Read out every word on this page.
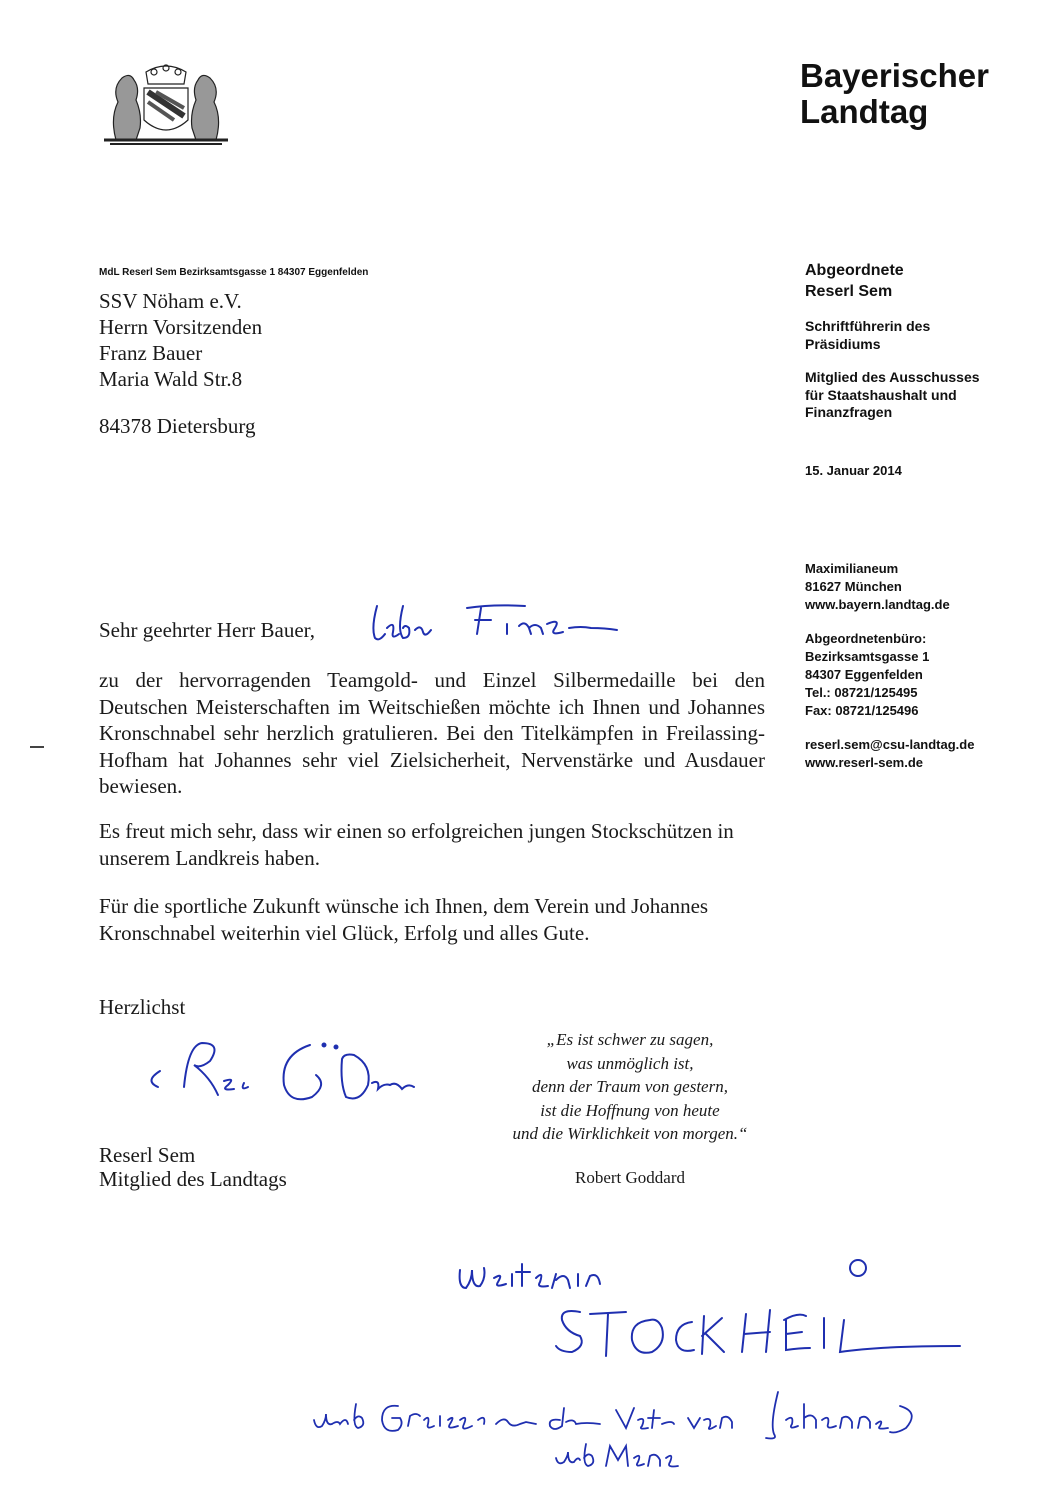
Bayerischer
Landtag
MdL Reserl Sem Bezirksamtsgasse 1 84307 Eggenfelden
SSV Nöham e.V.
Herrn Vorsitzenden
Franz Bauer
Maria Wald Str.8
84378 Dietersburg
Abgeordnete
Reserl Sem
Schriftführerin des
Präsidiums
Mitglied des Ausschusses
für Staatshaushalt und
Finanzfragen
15. Januar 2014
Maximilianeum
81627 München
www.bayern.landtag.de
Abgeordnetenbüro:
Bezirksamtsgasse 1
84307 Eggenfelden
Tel.: 08721/125495
Fax: 08721/125496
reserl.sem@csu-landtag.de
www.reserl-sem.de
Sehr geehrter Herr Bauer,
zu der hervorragenden Teamgold- und Einzel Silbermedaille bei den Deutschen Meisterschaften im Weitschießen möchte ich Ihnen und Johannes Kronschnabel sehr herzlich gratulieren. Bei den Titelkämpfen in Freilassing-Hofham hat Johannes sehr viel Zielsicherheit, Nervenstärke und Ausdauer bewiesen.
Es freut mich sehr, dass wir einen so erfolgreichen jungen Stockschützen in unserem Landkreis haben.
Für die sportliche Zukunft wünsche ich Ihnen, dem Verein und Johannes Kronschnabel weiterhin viel Glück, Erfolg und alles Gute.
Herzlichst
Reserl Sem
Mitglied des Landtags
„Es ist schwer zu sagen,
was unmöglich ist,
denn der Traum von gestern,
ist die Hoffnung von heute
und die Wirklichkeit von morgen.“
Robert Goddard
